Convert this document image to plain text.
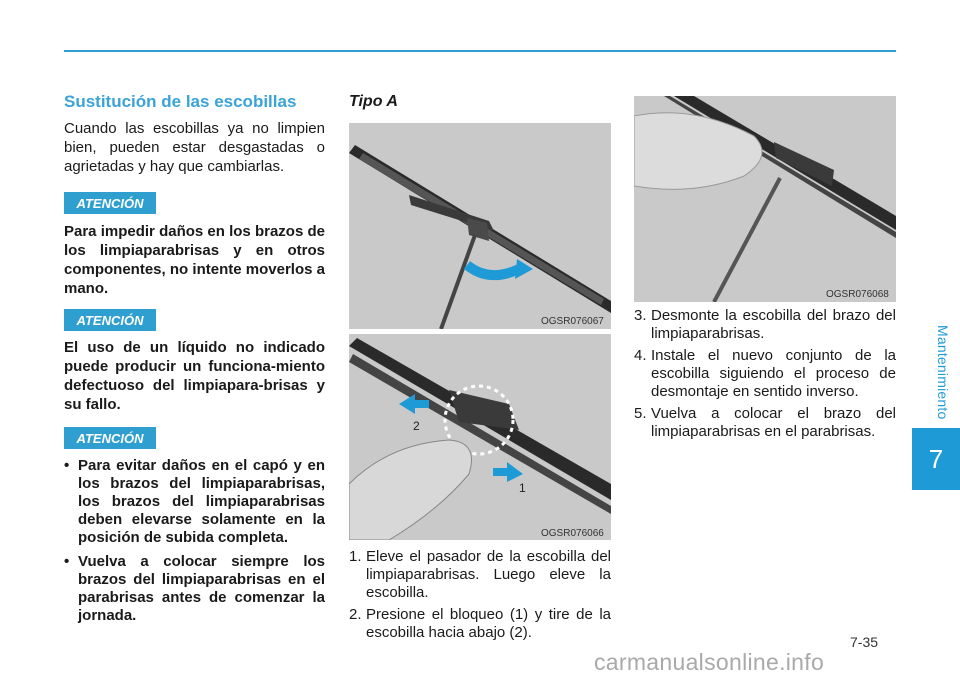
Sustitución de las escobillas
Cuando las escobillas ya no limpien bien, pueden estar desgastadas o agrietadas y hay que cambiarlas.
ATENCIÓN
Para impedir daños en los brazos de los limpiaparabrisas y en otros componentes, no intente moverlos a mano.
ATENCIÓN
El uso de un líquido no indicado puede producir un funciona-miento defectuoso del limpiapara-brisas y su fallo.
ATENCIÓN
• Para evitar daños en el capó y en los brazos del limpiaparabrisas, los brazos del limpiaparabrisas deben elevarse solamente en la posición de subida completa.
• Vuelva a colocar siempre los brazos del limpiaparabrisas en el parabrisas antes de comenzar la jornada.
Tipo A
OGSR076067
2
1
OGSR076066
1. Eleve el pasador de la escobilla del limpiaparabrisas. Luego eleve la escobilla.
2. Presione el bloqueo (1) y tire de la escobilla hacia abajo (2).
OGSR076068
3. Desmonte la escobilla del brazo del limpiaparabrisas.
4. Instale el nuevo conjunto de la escobilla siguiendo el proceso de desmontaje en sentido inverso.
5. Vuelva a colocar el brazo del limpiaparabrisas en el parabrisas.
Mantenimiento
7
7-35
carmanualsonline.info
